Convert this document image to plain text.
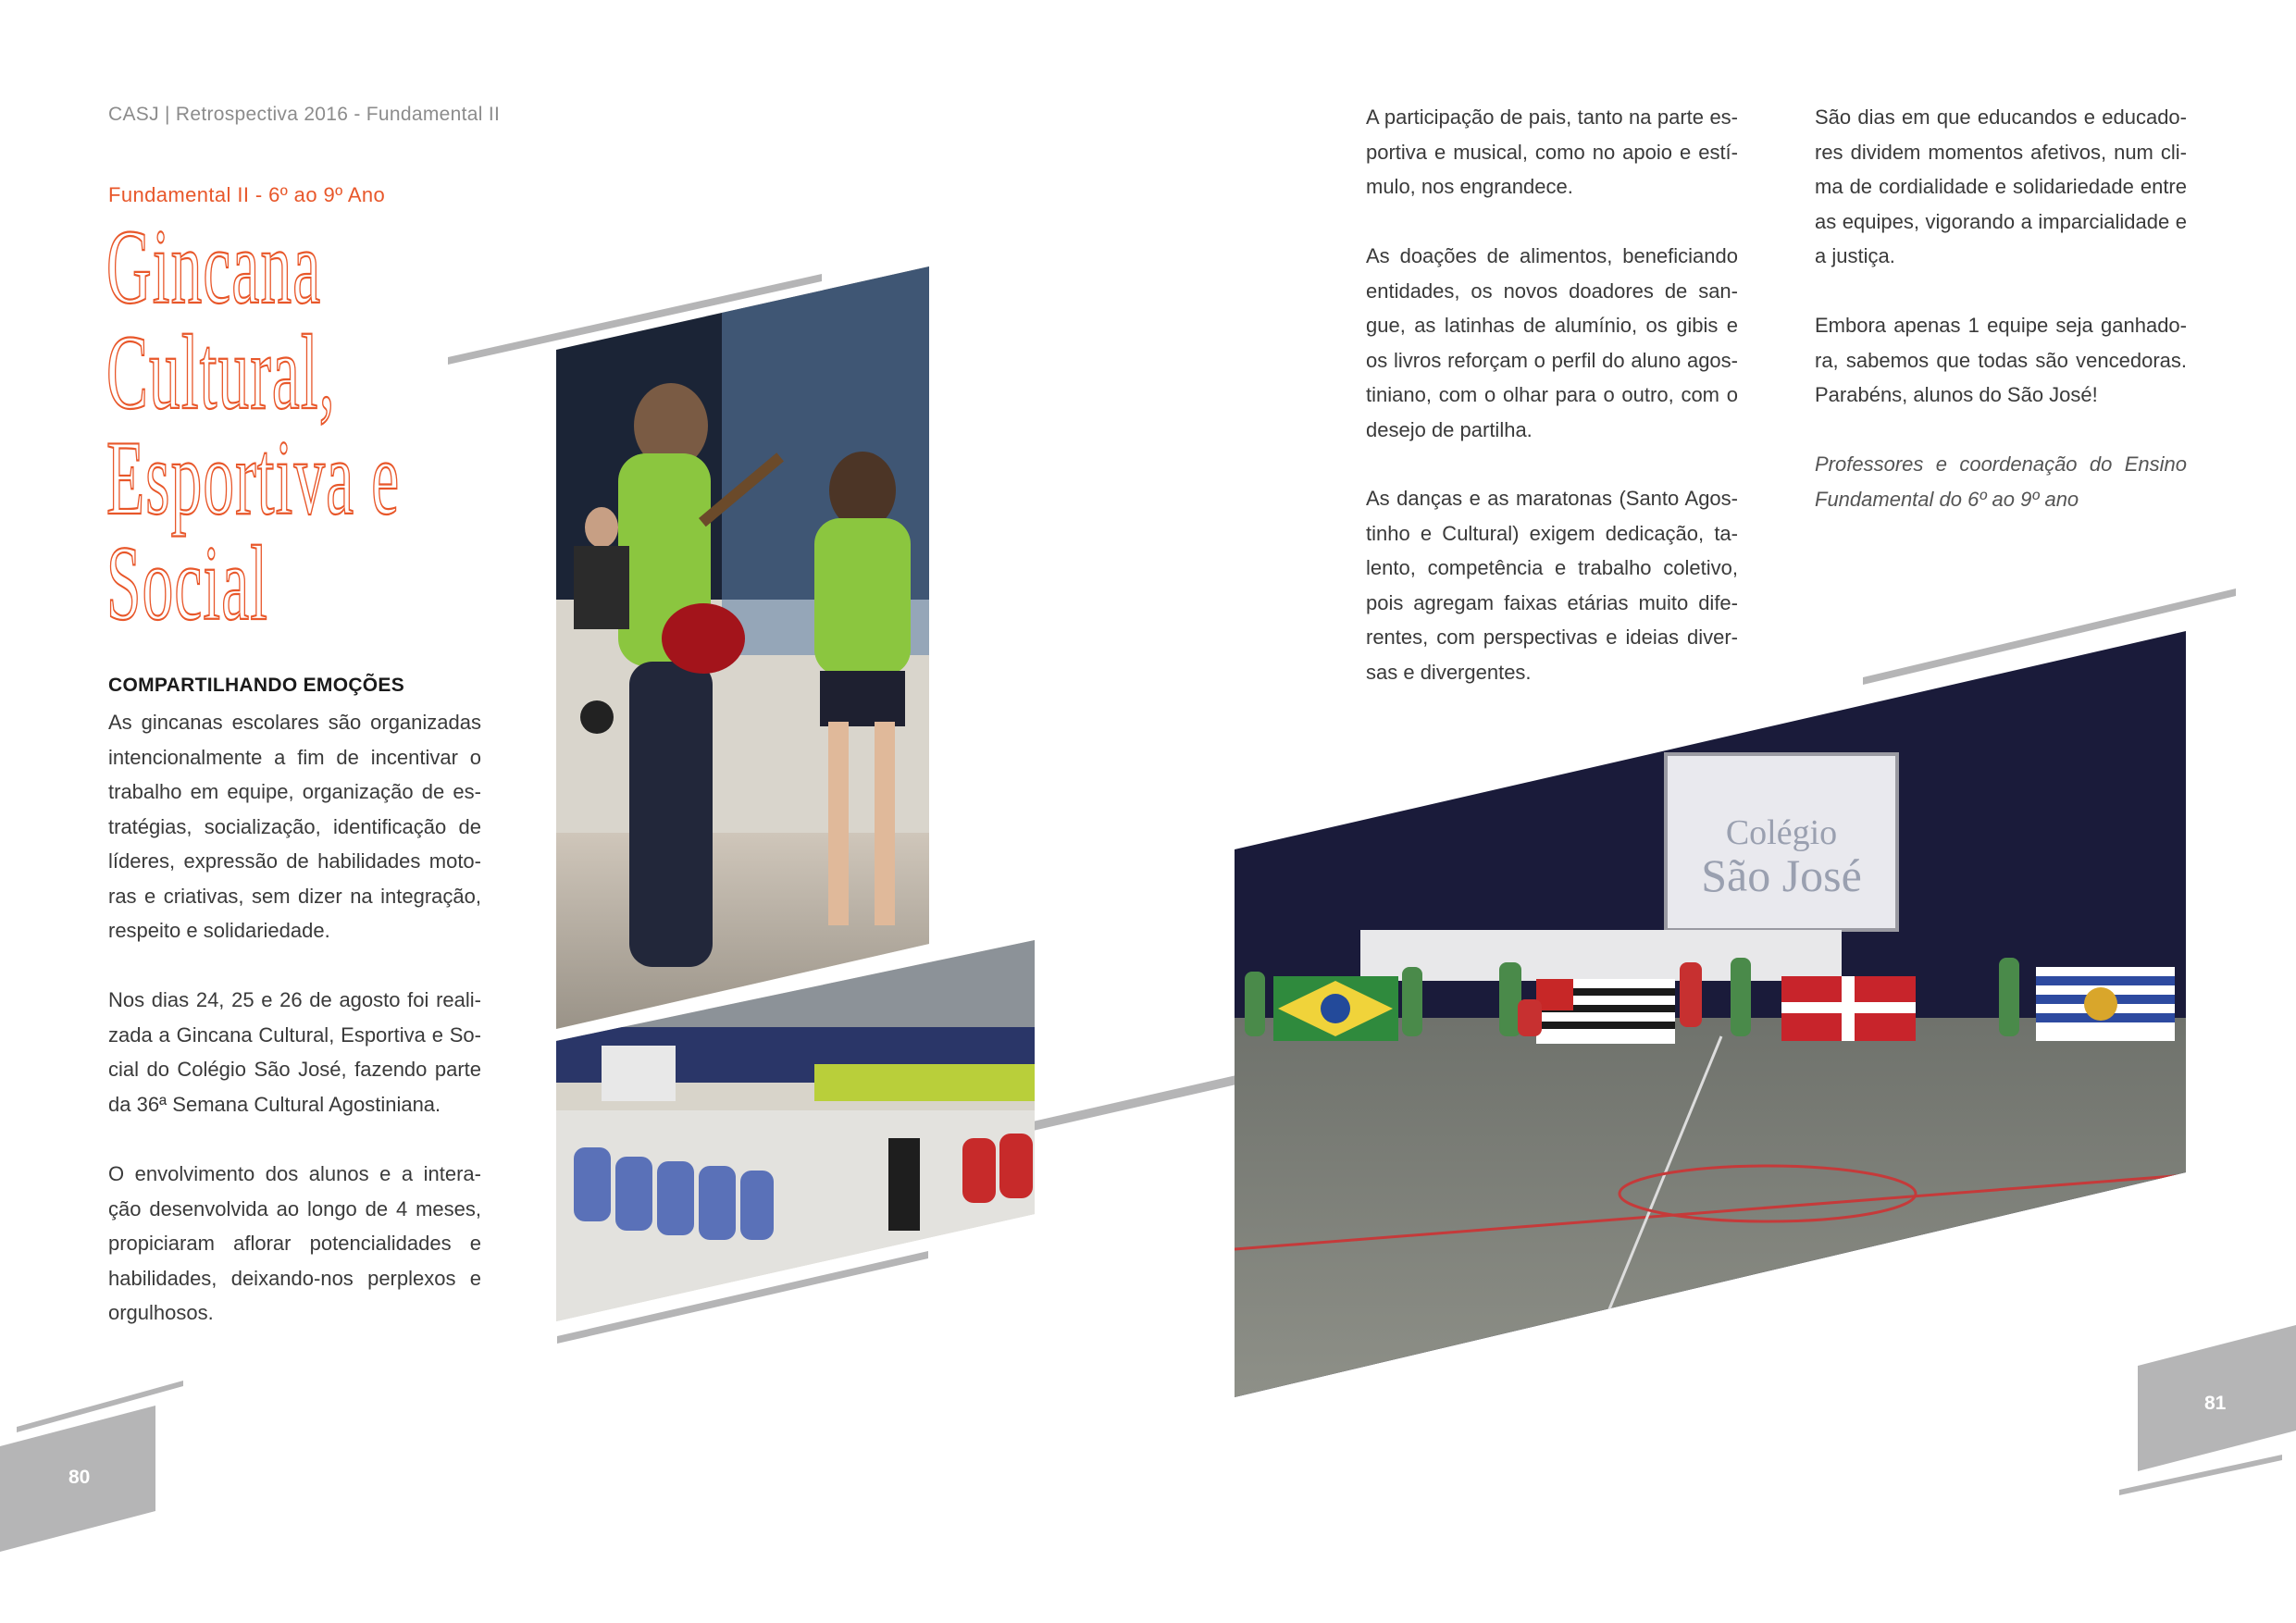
CASJ | Retrospectiva 2016 - Fundamental II
Fundamental II - 6º ao 9º Ano
Gincana
Cultural,
Esportiva e
Social
COMPARTILHANDO EMOÇÕES
As gincanas escolares são organizadas
intencionalmente a fim de incentivar o
trabalho em equipe, organização de es-
tratégias, socialização, identificação de
líderes, expressão de habilidades moto-
ras e criativas, sem dizer na integração,
respeito e solidariedade.
Nos dias 24, 25 e 26 de agosto foi reali-
zada a Gincana Cultural, Esportiva e So-
cial do Colégio São José, fazendo parte
da 36ª Semana Cultural Agostiniana.
O envolvimento dos alunos e a intera-
ção desenvolvida ao longo de 4 meses,
propiciaram aflorar potencialidades e
habilidades, deixando-nos perplexos e
orgulhosos.
A participação de pais, tanto na parte es-
portiva e musical, como no apoio e estí-
mulo, nos engrandece.
As doações de alimentos, beneficiando
entidades, os novos doadores de san-
gue, as latinhas de alumínio, os gibis e
os livros reforçam o perfil do aluno agos-
tiniano, com o olhar para o outro, com o
desejo de partilha.
As danças e as maratonas (Santo Agos-
tinho e Cultural) exigem dedicação, ta-
lento, competência e trabalho coletivo,
pois agregam faixas etárias muito dife-
rentes, com perspectivas e ideias diver-
sas e divergentes.
São dias em que educandos e educado-
res dividem momentos afetivos, num cli-
ma de cordialidade e solidariedade entre
as equipes, vigorando a imparcialidade e
a justiça.
Embora apenas 1 equipe seja ganhado-
ra, sabemos que todas são vencedoras.
Parabéns, alunos do São José!
Professores e coordenação do Ensino
Fundamental do 6º ao 9º ano
Colégio
São José
80
81
